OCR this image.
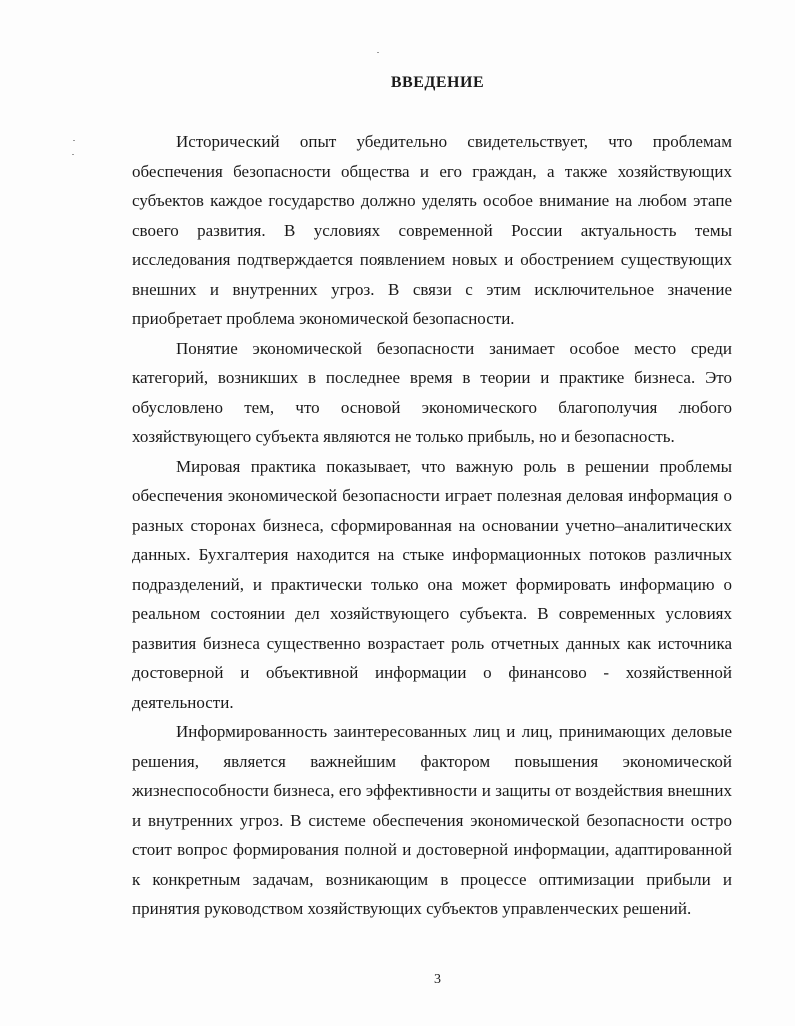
ВВЕДЕНИЕ

Исторический опыт убедительно свидетельствует, что проблемам обеспечения безопасности общества и его граждан, а также хозяйствующих субъектов каждое государство должно уделять особое внимание на любом этапе своего развития. В условиях современной России актуальность темы исследования подтверждается появлением новых и обострением существующих внешних и внутренних угроз. В связи с этим исключительное значение приобретает проблема экономической безопасности.

Понятие экономической безопасности занимает особое место среди категорий, возникших в последнее время в теории и практике бизнеса. Это обусловлено тем, что основой экономического благополучия любого хозяйствующего субъекта являются не только прибыль, но и безопасность.

Мировая практика показывает, что важную роль в решении проблемы обеспечения экономической безопасности играет полезная деловая информация о разных сторонах бизнеса, сформированная на основании учетно–аналитических данных. Бухгалтерия находится на стыке информационных потоков различных подразделений, и практически только она может формировать информацию о реальном состоянии дел хозяйствующего субъекта. В современных условиях развития бизнеса существенно возрастает роль отчетных данных как источника достоверной и объективной информации о финансово - хозяйственной деятельности.

Информированность заинтересованных лиц и лиц, принимающих деловые решения, является важнейшим фактором повышения экономической жизнеспособности бизнеса, его эффективности и защиты от воздействия внешних и внутренних угроз. В системе обеспечения экономической безопасности остро стоит вопрос формирования полной и достоверной информации, адаптированной к конкретным задачам, возникающим в процессе оптимизации прибыли и принятия руководством хозяйствующих субъектов управленческих решений.

3
